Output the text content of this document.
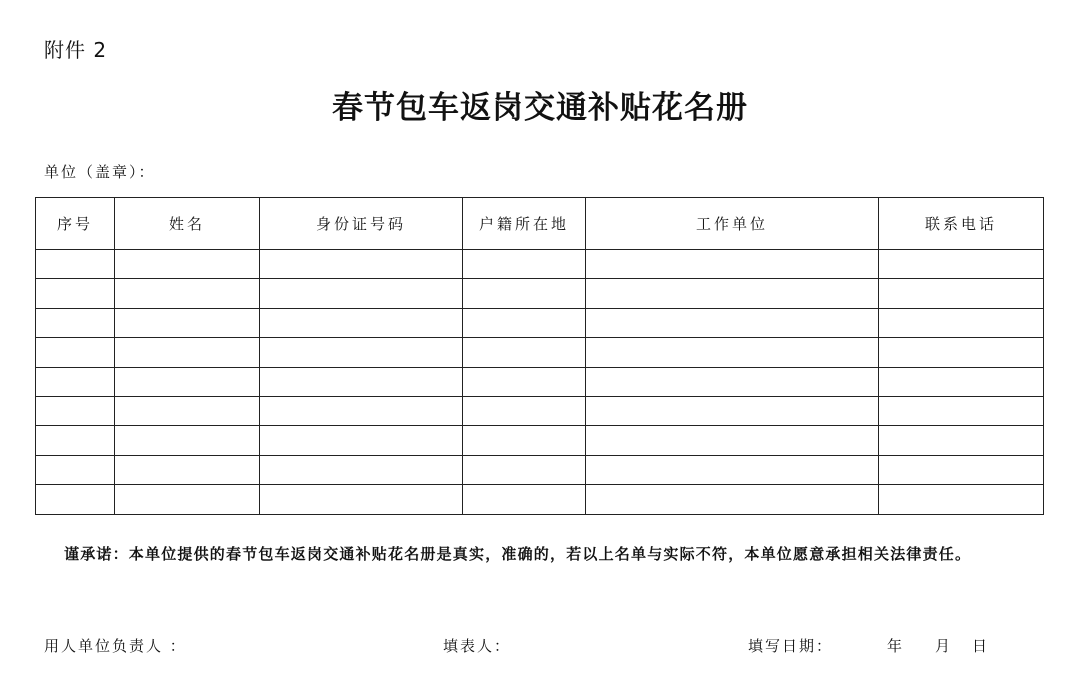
附件 2
春节包车返岗交通补贴花名册
单位（盖章）：
序号	姓名	身份证号码	户籍所在地	工作单位	联系电话

谨承诺：本单位提供的春节包车返岗交通补贴花名册是真实，准确的，若以上名单与实际不符，本单位愿意承担相关法律责任。
用人单位负责人 ：	填表人：	填写日期：	年 月 日
